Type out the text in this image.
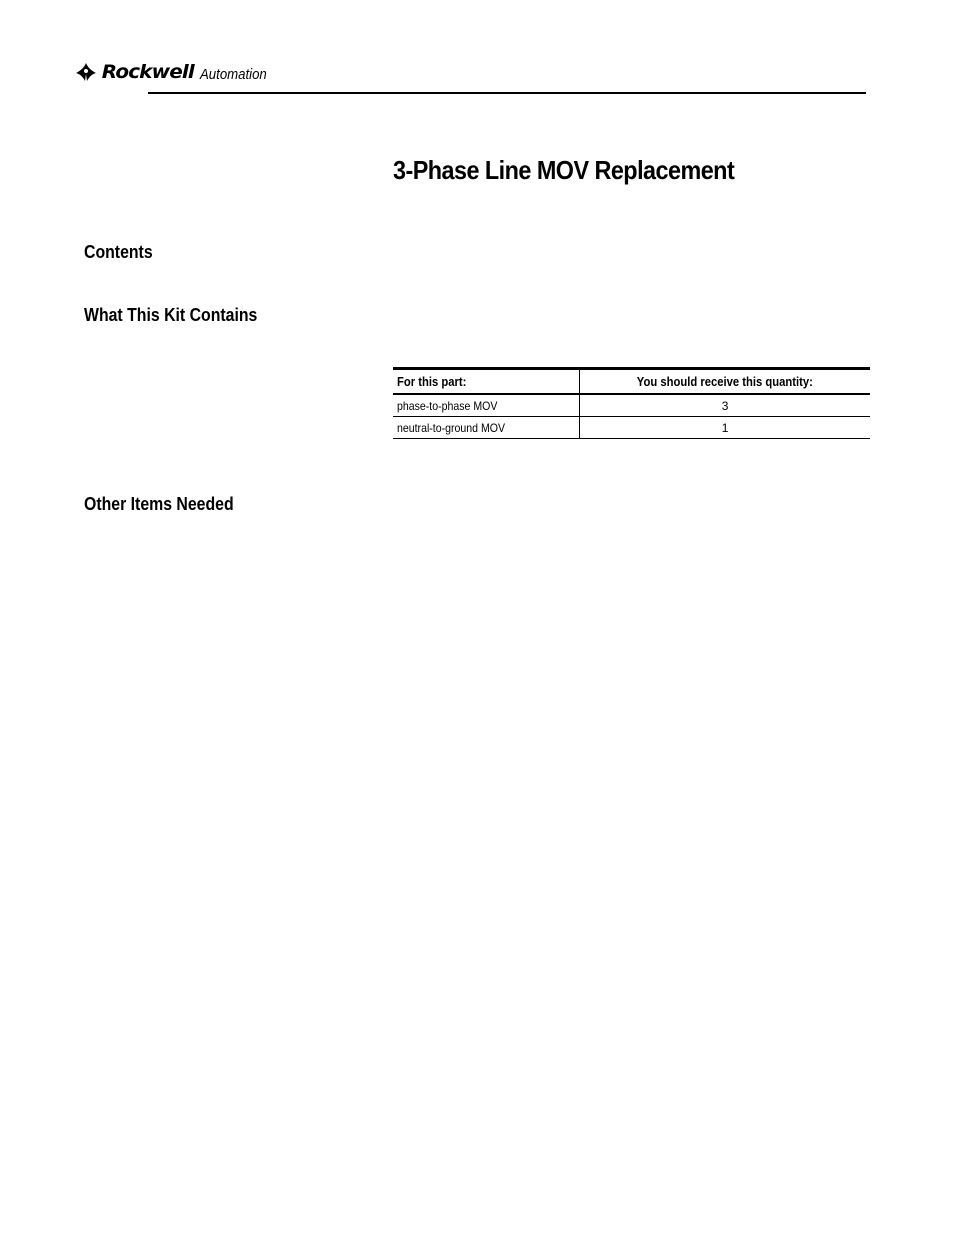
Rockwell Automation
3-Phase Line MOV Replacement
Contents
What This Kit Contains
For this part:	You should receive this quantity:
phase-to-phase MOV	3
neutral-to-ground MOV	1
Other Items Needed
